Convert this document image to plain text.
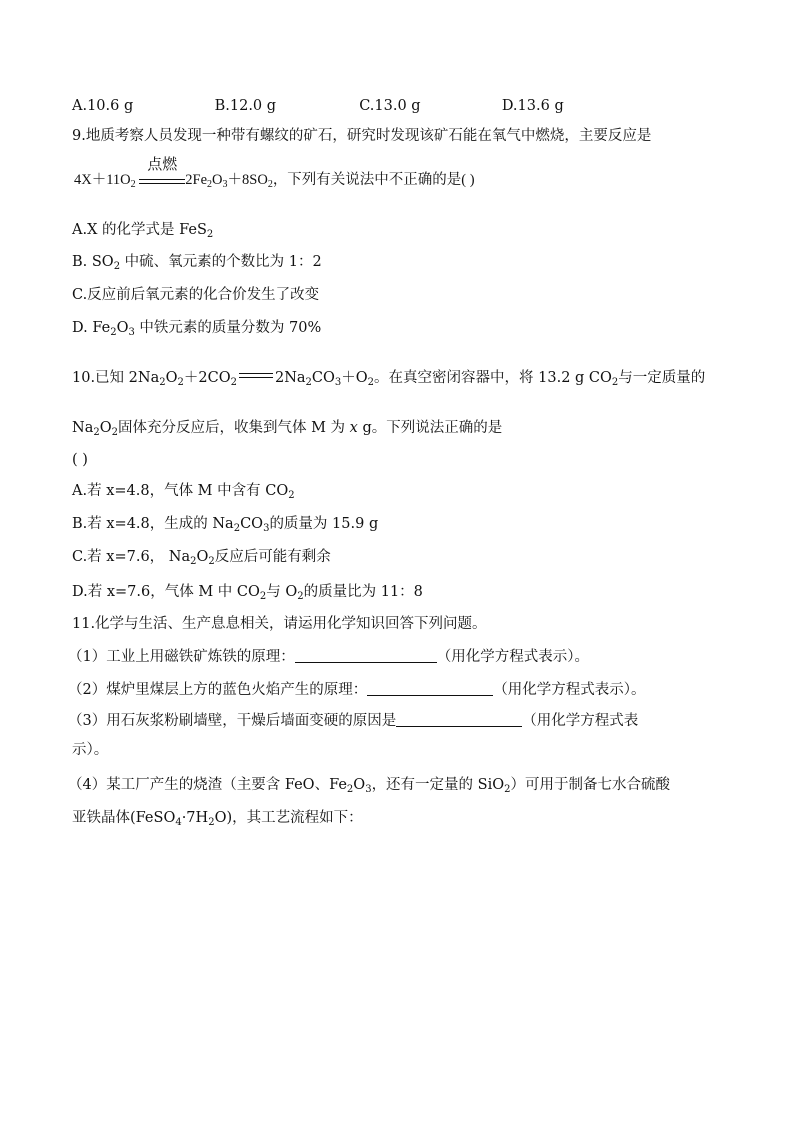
A.10.6 g	B.12.0 g	C.13.0 g	D.13.6 g
9.地质考察人员发现一种带有螺纹的矿石，研究时发现该矿石能在氧气中燃烧，主要反应是
$4X+11O_2$
点燃
$2Fe_2O_3+8SO_2$，下列有关说法中不正确的是( )
A.X 的化学式是 FeS$_2$
B. $SO_2$ 中硫、氧元素的个数比为 1：2
C.反应前后氧元素的化合价发生了改变
D. $Fe_2O_3$ 中铁元素的质量分数为 70%
10.已知 $2Na_2O_2+2CO_2$	$2Na_2CO_3+O_2$。在真空密闭容器中，将 13.2 g $CO_2$与一定质量的
$Na_2O_2$固体充分反应后，收集到气体 M 为 x g。下列说法正确的是
( )
A.若 x=4.8，气体 M 中含有 $CO_2$
B.若 x=4.8，生成的 $Na_2CO_3$的质量为 15.9 g
C.若 x=7.6， $Na_2O_2$反应后可能有剩余
D.若 x=7.6，气体 M 中 $CO_2$与 $O_2$的质量比为 11：8
11.化学与生活、生产息息相关，请运用化学知识回答下列问题。
（1）工业上用磁铁矿炼铁的原理：	（用化学方程式表示）。
（2）煤炉里煤层上方的蓝色火焰产生的原理：	（用化学方程式表示）。
（3）用石灰浆粉刷墙壁，干燥后墙面变硬的原因是	（用化学方程式表
示）。
（4）某工厂产生的烧渣（主要含 FeO、$Fe_2O_3$，还有一定量的 SiO$_2$）可用于制备七水合硫酸
亚铁晶体$(FeSO_4\cdot 7H_2O)$，其工艺流程如下：
